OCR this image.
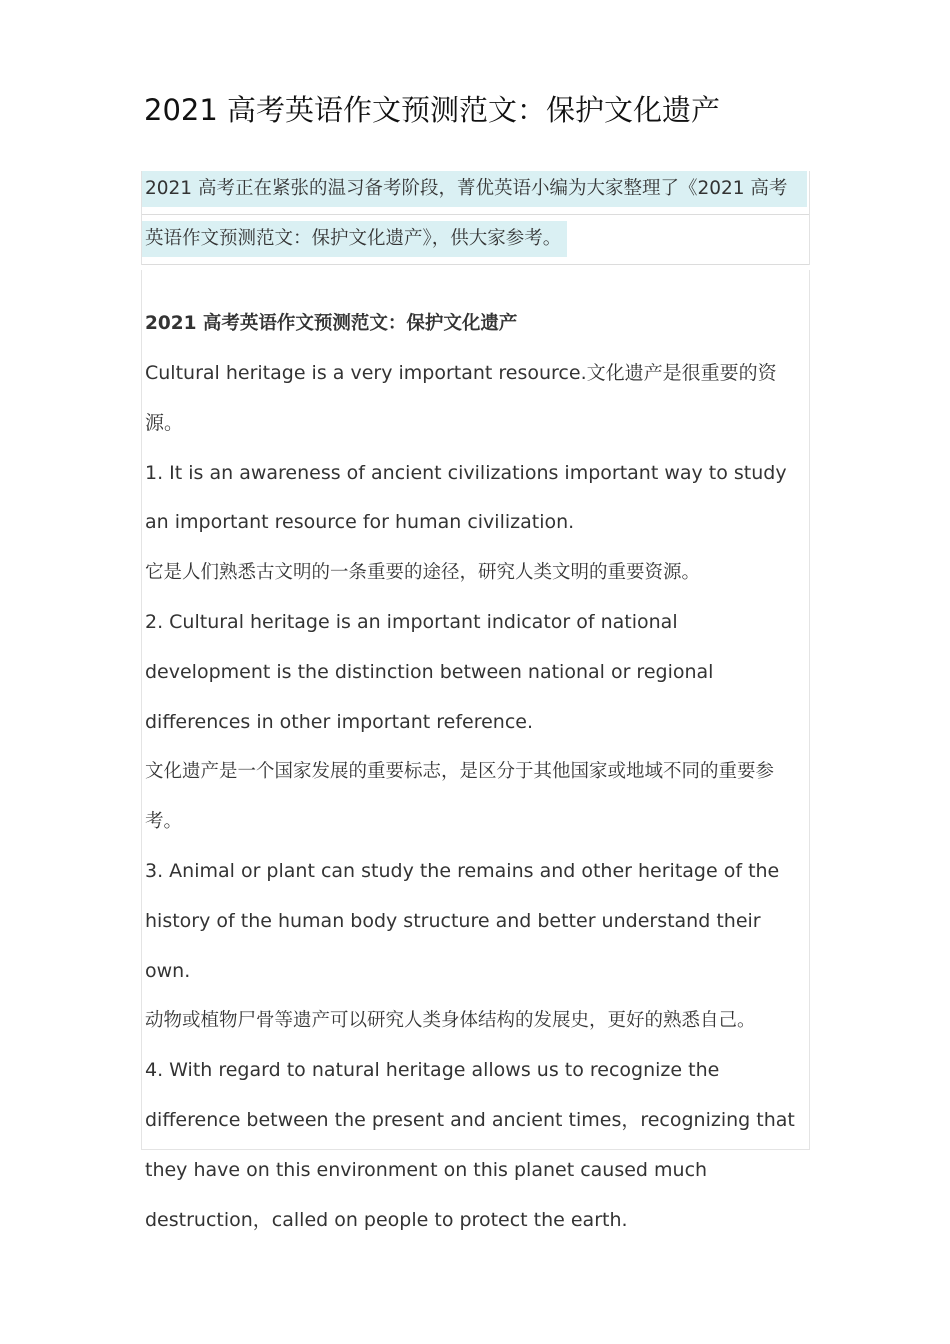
2021 高考英语作文预测范文：保护文化遗产
2021 高考正在紧张的温习备考阶段，菁优英语小编为大家整理了《2021 高考
英语作文预测范文：保护文化遗产》，供大家参考。
2021 高考英语作文预测范文：保护文化遗产

Cultural heritage is a very important resource.文化遗产是很重要的资源。

1. It is an awareness of ancient civilizations important way to study an important resource for human civilization.

它是人们熟悉古文明的一条重要的途径，研究人类文明的重要资源。

2. Cultural heritage is an important indicator of national development is the distinction between national or regional differences in other important reference.

文化遗产是一个国家发展的重要标志，是区分于其他国家或地域不同的重要参考。

3. Animal or plant can study the remains and other heritage of the history of the human body structure and better understand their own.

动物或植物尸骨等遗产可以研究人类身体结构的发展史，更好的熟悉自己。

4. With regard to natural heritage allows us to recognize the difference between the present and ancient times，recognizing that they have on this environment on this planet caused much destruction，called on people to protect the earth.
